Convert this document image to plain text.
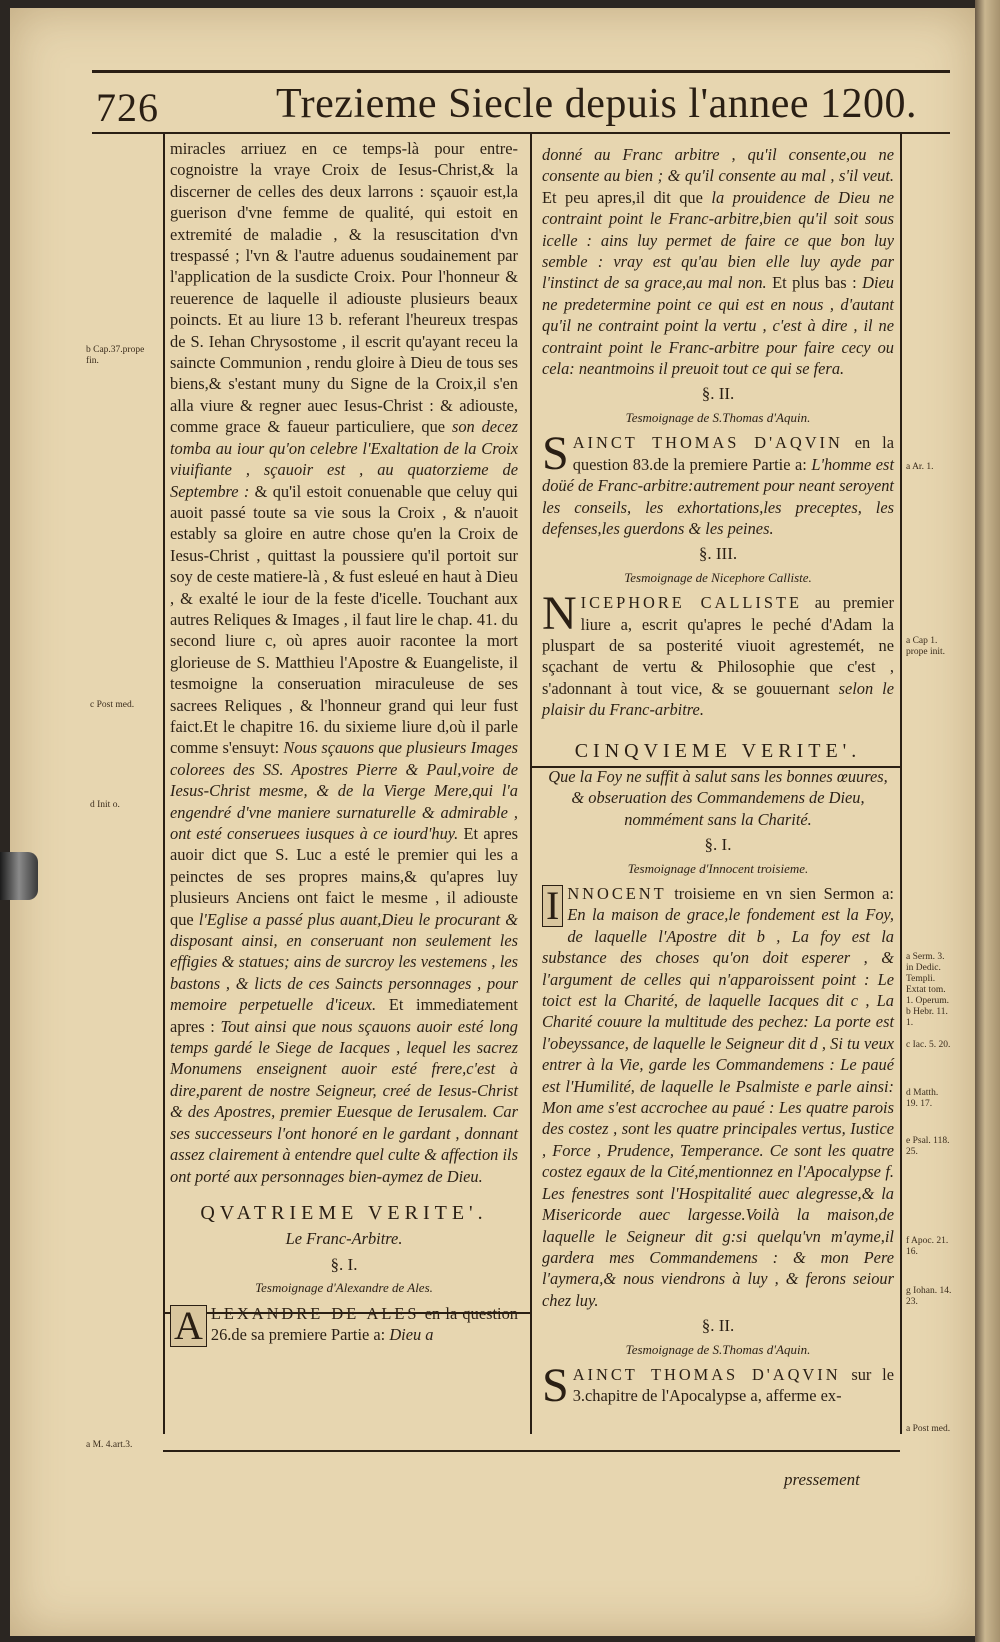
726	Trezieme Siecle depuis l'annee 1200.
b Cap.37.prope fin.
c Post med.
d Init o.
a M. 4.art.3.
a Ar. 1.
a Cap 1. prope init.
a Serm. 3. in Dedic. Templi. Extat tom. 1. Operum. b Hebr. 11. 1.
c Iac. 5. 20.
d Matth. 19. 17.
e Psal. 118. 25.
f Apoc. 21. 16.
g Iohan. 14. 23.
a Post med.

miracles arriuez en ce temps-là pour entre-cognoistre la vraye Croix de Iesus-Christ,& la discerner de celles des deux larrons : sçauoir est,la guerison d'vne femme de qualité, qui estoit en extremité de maladie , & la resuscitation d'vn trespassé ; l'vn & l'autre aduenus soudainement par l'application de la susdicte Croix. Pour l'honneur & reuerence de laquelle il adiouste plusieurs beaux poincts. Et au liure 13 b. referant l'heureux trespas de S. Iehan Chrysostome , il escrit qu'ayant receu la saincte Communion , rendu gloire à Dieu de tous ses biens,& s'estant muny du Signe de la Croix,il s'en alla viure & regner auec Iesus-Christ : & adiouste, comme grace & faueur particuliere, que son decez tomba au iour qu'on celebre l'Exaltation de la Croix viuifiante , sçauoir est , au quatorzieme de Septembre : & qu'il estoit conuenable que celuy qui auoit passé toute sa vie sous la Croix , & n'auoit estably sa gloire en autre chose qu'en la Croix de Iesus-Christ , quittast la poussiere qu'il portoit sur soy de ceste matiere-là , & fust esleué en haut à Dieu , & exalté le iour de la feste d'icelle. Touchant aux autres Reliques & Images , il faut lire le chap. 41. du second liure c, où apres auoir racontee la mort glorieuse de S. Matthieu l'Apostre & Euangeliste, il tesmoigne la conseruation miraculeuse de ses sacrees Reliques , & l'honneur grand qui leur fust faict.Et le chapitre 16. du sixieme liure d,où il parle comme s'ensuyt: Nous sçauons que plusieurs Images colorees des SS. Apostres Pierre & Paul,voire de Iesus-Christ mesme, & de la Vierge Mere,qui l'a engendré d'vne maniere surnaturelle & admirable , ont esté conseruees iusques à ce iourd'huy. Et apres auoir dict que S. Luc a esté le premier qui les a peinctes de ses propres mains,& qu'apres luy plusieurs Anciens ont faict le mesme , il adiouste que l'Eglise a passé plus auant,Dieu le procurant & disposant ainsi, en conseruant non seulement les effigies & statues; ains de surcroy les vestemens , les bastons , & licts de ces Saincts personnages , pour memoire perpetuelle d'iceux. Et immediatement apres : Tout ainsi que nous sçauons auoir esté long temps gardé le Siege de Iacques , lequel les sacrez Monumens enseignent auoir esté frere,c'est à dire,parent de nostre Seigneur, creé de Iesus-Christ & des Apostres, premier Euesque de Ierusalem. Car ses successeurs l'ont honoré en le gardant , donnant assez clairement à entendre quel culte & affection ils ont porté aux personnages bien-aymez de Dieu.

QVATRIEME VERITE'.

Le Franc-Arbitre.

§. I.

Tesmoignage d'Alexandre de Ales.

A LEXANDRE DE ALES en la question 26.de sa premiere Partie a: Dieu a

donné au Franc arbitre , qu'il consente,ou ne consente au bien ; & qu'il consente au mal , s'il veut. Et peu apres,il dit que la prouidence de Dieu ne contraint point le Franc-arbitre,bien qu'il soit sous icelle : ains luy permet de faire ce que bon luy semble : vray est qu'au bien elle luy ayde par l'instinct de sa grace,au mal non. Et plus bas : Dieu ne predetermine point ce qui est en nous , d'autant qu'il ne contraint point la vertu , c'est à dire , il ne contraint point le Franc-arbitre pour faire cecy ou cela: neantmoins il preuoit tout ce qui se fera.

§. II.

Tesmoignage de S.Thomas d'Aquin.

S AINCT THOMAS D'AQVIN en la question 83.de la premiere Partie a: L'homme est doüé de Franc-arbitre:autrement pour neant seroyent les conseils, les exhortations,les preceptes, les defenses,les guerdons & les peines.

§. III.

Tesmoignage de Nicephore Calliste.

N ICEPHORE CALLISTE au premier liure a, escrit qu'apres le peché d'Adam la pluspart de sa posterité viuoit agrestemét, ne sçachant de vertu & Philosophie que c'est , s'adonnant à tout vice, & se gouuernant selon le plaisir du Franc-arbitre.

CINQVIEME VERITE'.

Que la Foy ne suffit à salut sans les bonnes œuures, & obseruation des Commandemens de Dieu, nommément sans la Charité.

§. I.

Tesmoignage d'Innocent troisieme.

I NNOCENT troisieme en vn sien Sermon a: En la maison de grace,le fondement est la Foy, de laquelle l'Apostre dit b , La foy est la substance des choses qu'on doit esperer , & l'argument de celles qui n'apparoissent point : Le toict est la Charité, de laquelle Iacques dit c , La Charité couure la multitude des pechez: La porte est l'obeyssance, de laquelle le Seigneur dit d , Si tu veux entrer à la Vie, garde les Commandemens : Le paué est l'Humilité, de laquelle le Psalmiste e parle ainsi: Mon ame s'est accrochee au paué : Les quatre parois des costez , sont les quatre principales vertus, Iustice , Force , Prudence, Temperance. Ce sont les quatre costez egaux de la Cité,mentionnez en l'Apocalypse f. Les fenestres sont l'Hospitalité auec alegresse,& la Misericorde auec largesse.Voilà la maison,de laquelle le Seigneur dit g:si quelqu'vn m'ayme,il gardera mes Commandemens : & mon Pere l'aymera,& nous viendrons à luy , & ferons seiour chez luy.

§. II.

Tesmoignage de S.Thomas d'Aquin.

S AINCT THOMAS D'AQVIN sur le 3.chapitre de l'Apocalypse a, afferme ex-

pressement
